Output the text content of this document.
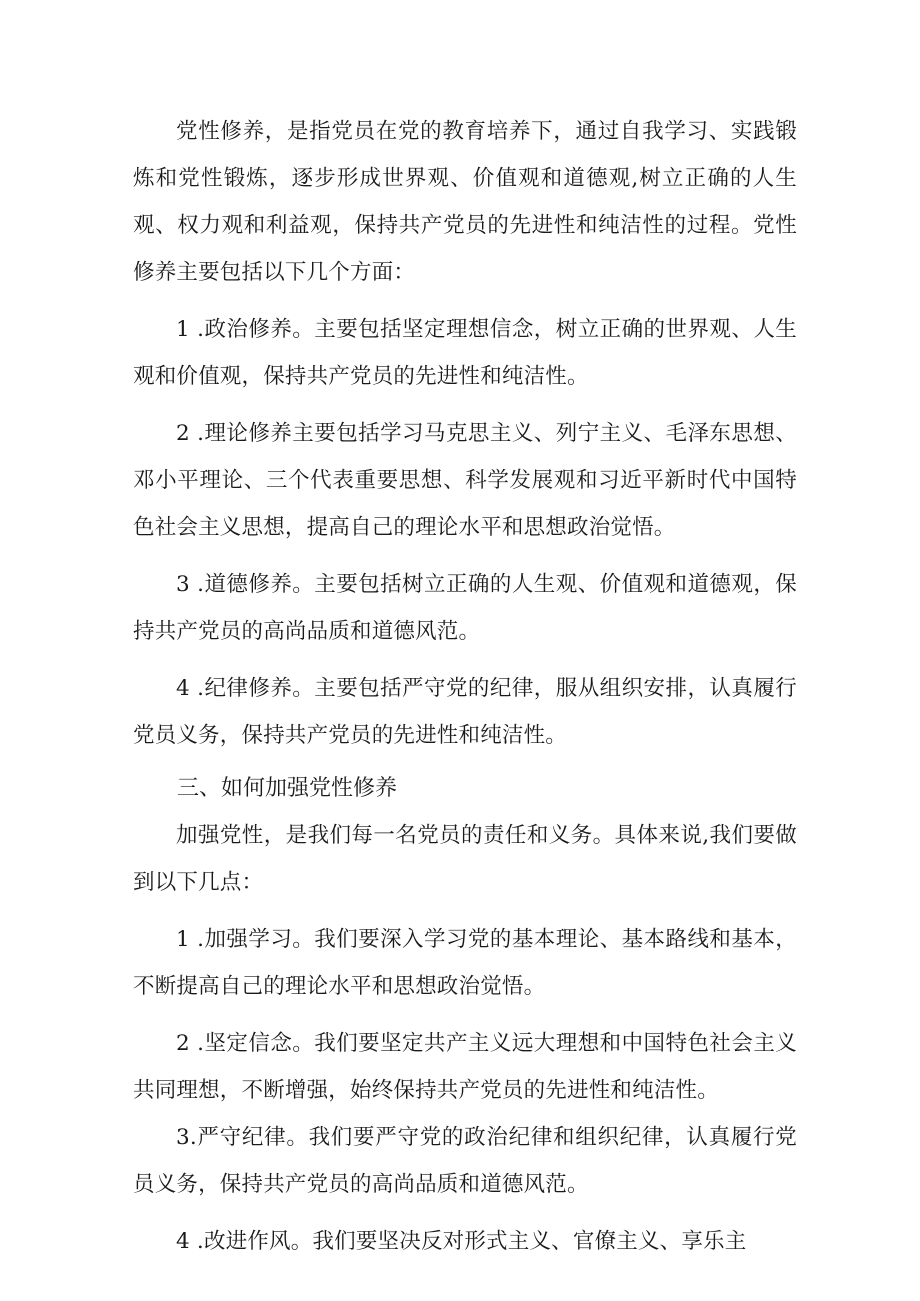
党性修养，是指党员在党的教育培养下，通过自我学习、实践锻炼和党性锻炼，逐步形成世界观、价值观和道德观,树立正确的人生观、权力观和利益观，保持共产党员的先进性和纯洁性的过程。党性修养主要包括以下几个方面：

1 .政治修养。主要包括坚定理想信念，树立正确的世界观、人生观和价值观，保持共产党员的先进性和纯洁性。

2 .理论修养主要包括学习马克思主义、列宁主义、毛泽东思想、邓小平理论、三个代表重要思想、科学发展观和习近平新时代中国特色社会主义思想，提高自己的理论水平和思想政治觉悟。

3 .道德修养。主要包括树立正确的人生观、价值观和道德观，保持共产党员的高尚品质和道德风范。

4 .纪律修养。主要包括严守党的纪律，服从组织安排，认真履行党员义务，保持共产党员的先进性和纯洁性。

三、如何加强党性修养

加强党性，是我们每一名党员的责任和义务。具体来说,我们要做到以下几点：

1 .加强学习。我们要深入学习党的基本理论、基本路线和基本，不断提高自己的理论水平和思想政治觉悟。

2 .坚定信念。我们要坚定共产主义远大理想和中国特色社会主义共同理想，不断增强，始终保持共产党员的先进性和纯洁性。

3.严守纪律。我们要严守党的政治纪律和组织纪律，认真履行党员义务，保持共产党员的高尚品质和道德风范。

4 .改进作风。我们要坚决反对形式主义、官僚主义、享乐主
